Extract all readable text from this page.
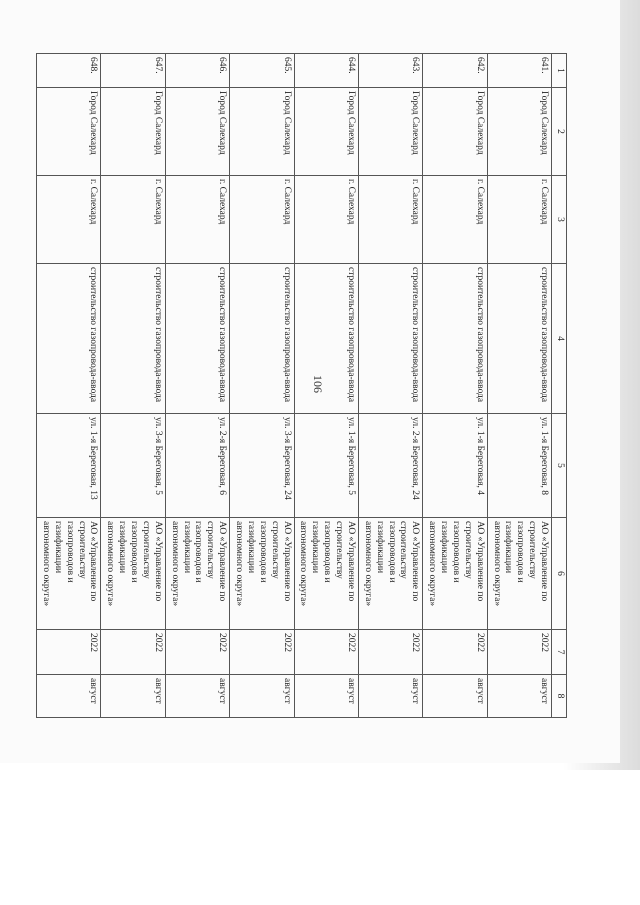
106
1	2	3	4	5	6	7	8
641.	Город Салехард	г. Салехард	строительство газопровода-ввода	ул. 1-я Береговая, 8	АО «Управление по строительству газопроводов и газификации автономного округа»	2022	август
642.	Город Салехард	г. Салехард	строительство газопровода-ввода	ул. 1-я Береговая, 4	АО «Управление по строительству газопроводов и газификации автономного округа»	2022	август
643.	Город Салехард	г. Салехард	строительство газопровода-ввода	ул. 2-я Береговая, 24	АО «Управление по строительству газопроводов и газификации автономного округа»	2022	август
644.	Город Салехард	г. Салехард	строительство газопровода-ввода	ул. 1-я Береговая, 5	АО «Управление по строительству газопроводов и газификации автономного округа»	2022	август
645.	Город Салехард	г. Салехард	строительство газопровода-ввода	ул. 3-я Береговая, 24	АО «Управление по строительству газопроводов и газификации автономного округа»	2022	август
646.	Город Салехард	г. Салехард	строительство газопровода-ввода	ул. 2-я Береговая, 6	АО «Управление по строительству газопроводов и газификации автономного округа»	2022	август
647.	Город Салехард	г. Салехард	строительство газопровода-ввода	ул. 3-я Береговая, 5	АО «Управление по строительству газопроводов и газификации автономного округа»	2022	август
648.	Город Салехард	г. Салехард	строительство газопровода-ввода	ул. 1-я Береговая, 13	АО «Управление по строительству газопроводов и газификации автономного округа»	2022	август
